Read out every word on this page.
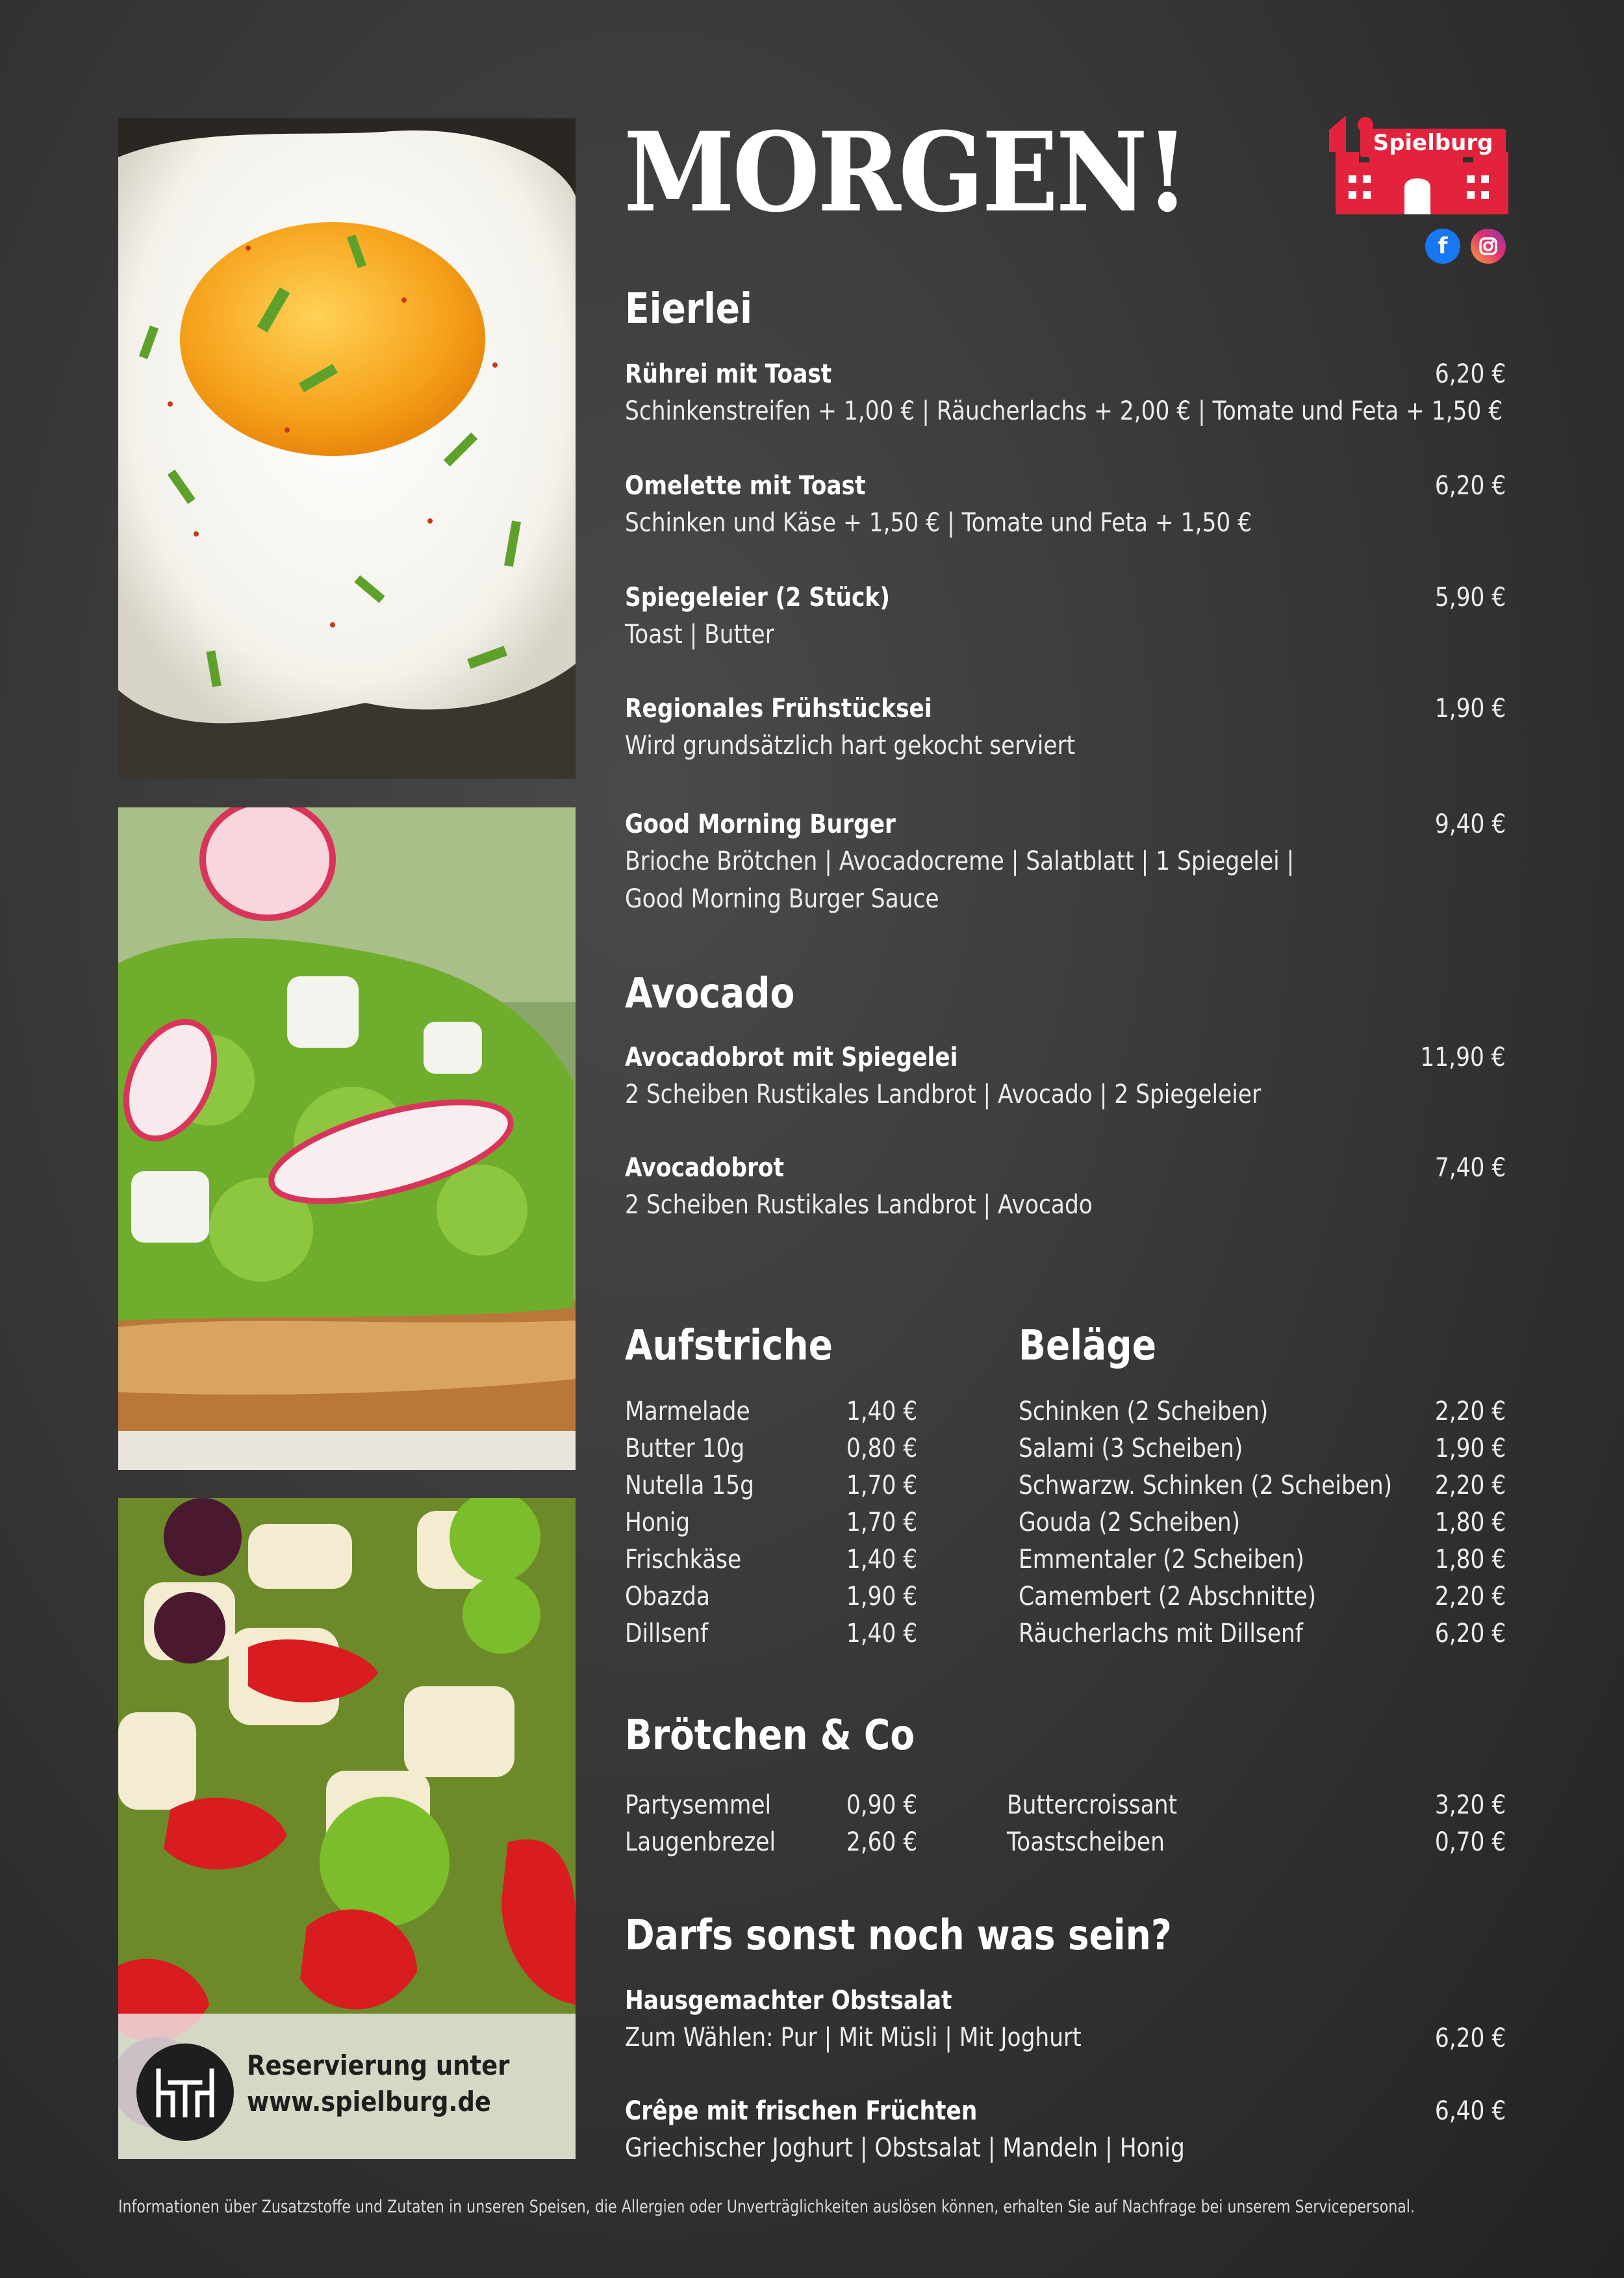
Reservierung unter
www.spielburg.de
MORGEN!	Spielburg
f
Eierlei
Rührei mit Toast
Schinkenstreifen + 1,00 € | Räucherlachs + 2,00 € | Tomate und Feta + 1,50 €
6,20 €
Omelette mit Toast
Schinken und Käse + 1,50 € | Tomate und Feta + 1,50 €
6,20 €
Spiegeleier (2 Stück)
Toast | Butter
5,90 €
Regionales Frühstücksei
Wird grundsätzlich hart gekocht serviert
1,90 €
Good Morning Burger
Brioche Brötchen | Avocadocreme | Salatblatt | 1 Spiegelei |
Good Morning Burger Sauce
9,40 €
Avocado
Avocadobrot mit Spiegelei
2 Scheiben Rustikales Landbrot | Avocado | 2 Spiegeleier
11,90 €
Avocadobrot
2 Scheiben Rustikales Landbrot | Avocado
7,40 €
Aufstriche
Marmelade
Butter 10g
Nutella 15g
Honig
Frischkäse
Obazda
Dillsenf
1,40 €
0,80 €
1,70 €
1,70 €
1,40 €
1,90 €
1,40 €
Beläge
Schinken (2 Scheiben)
Salami (3 Scheiben)
Schwarzw. Schinken (2 Scheiben)
Gouda (2 Scheiben)
Emmentaler (2 Scheiben)
Camembert (2 Abschnitte)
Räucherlachs mit Dillsenf
2,20 €
1,90 €
2,20 €
1,80 €
1,80 €
2,20 €
6,20 €
Brötchen & Co
Partysemmel
Laugenbrezel
0,90 €
2,60 €
Buttercroissant
Toastscheiben
3,20 €
0,70 €
Darfs sonst noch was sein?
Hausgemachter Obstsalat
Zum Wählen: Pur | Mit Müsli | Mit Joghurt	6,20 €
Crêpe mit frischen Früchten
Griechischer Joghurt | Obstsalat | Mandeln | Honig
6,40 €
Informationen über Zusatzstoffe und Zutaten in unseren Speisen, die Allergien oder Unverträglichkeiten auslösen können, erhalten Sie auf Nachfrage bei unserem Servicepersonal.
